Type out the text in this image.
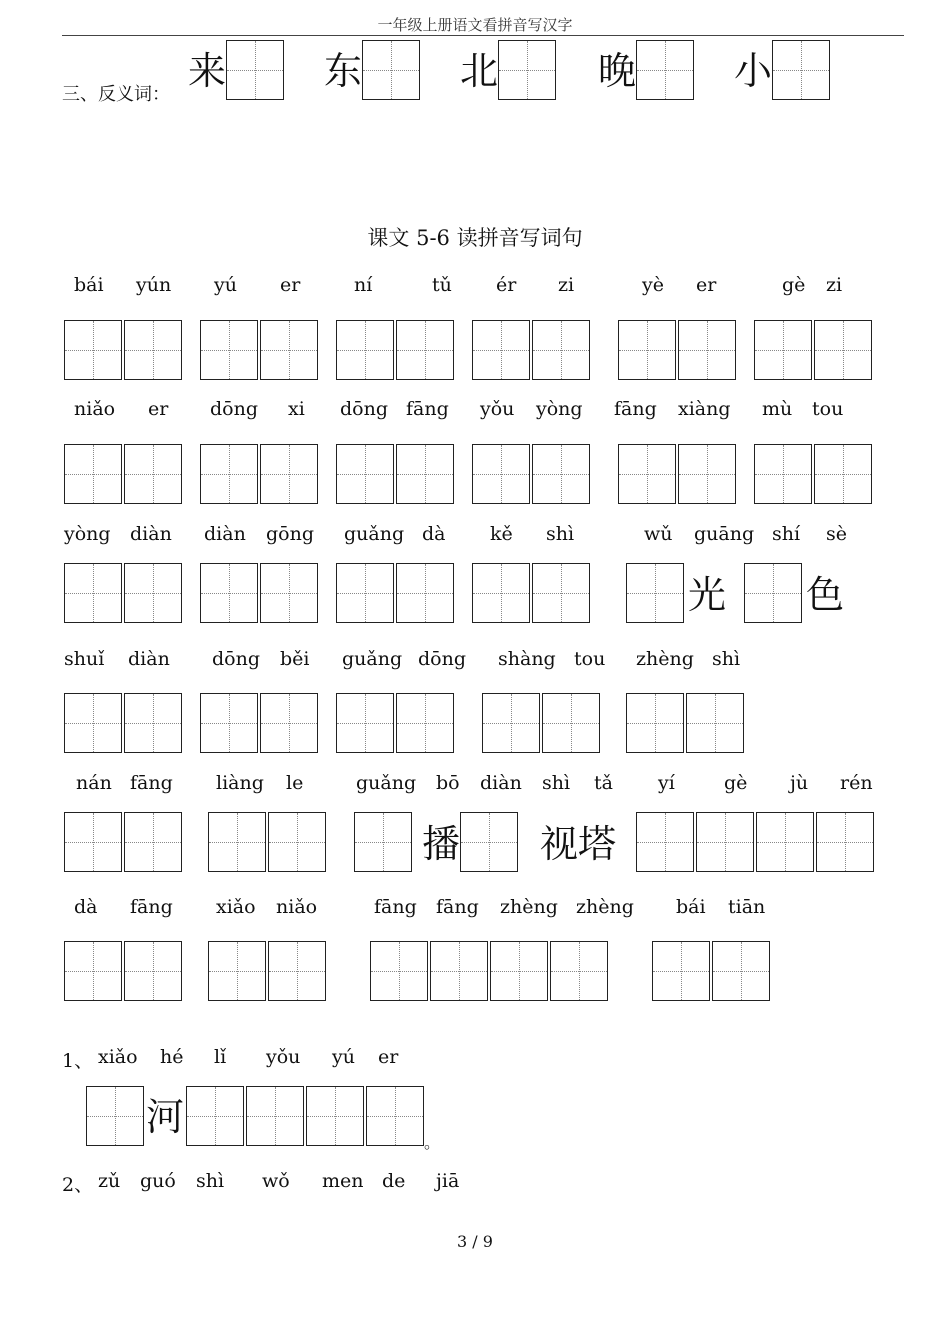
一年级上册语文看拼音写汉字
三、反义词：
来	东	北	晚	小
课文 5-6 读拼音写词句
bái yún yú er	ní	tǔ ér zi	yè er	gè zi
niǎo er dōng xi dōng fāng yǒu yòng fāng xiàng mù tou
yòng diàn diàn gōng guǎng dà kě shì	wǔ guāng shí sè
光 色
shuǐ diàn dōng běi guǎng dōng shàng tou zhèng shì
nán fāng liàng le	guǎng bō diàn shì tǎ yí	gè jù rén
播 视塔
dà fāng xiǎo niǎo	fāng fāng zhèng zhèng bái tiān
1、 xiǎo hé lǐ yǒu yú er
河
。
2、 zǔ guó shì wǒ men de jiā
3 / 9
